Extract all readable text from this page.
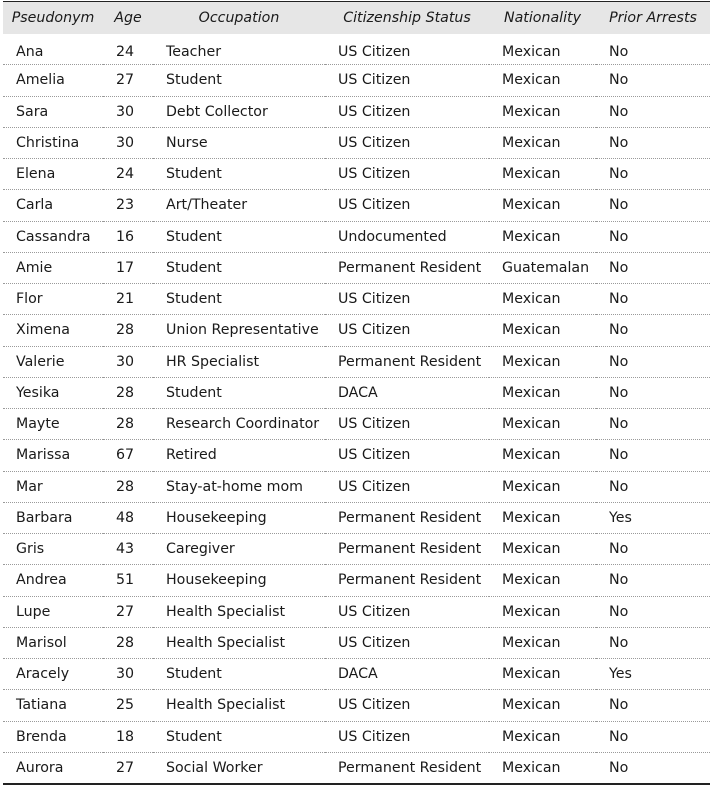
Pseudonym	Age	Occupation	Citizenship Status	Nationality	Prior Arrests
Ana	24	Teacher	US Citizen	Mexican	No
Amelia	27	Student	US Citizen	Mexican	No
Sara	30	Debt Collector	US Citizen	Mexican	No
Christina	30	Nurse	US Citizen	Mexican	No
Elena	24	Student	US Citizen	Mexican	No
Carla	23	Art/Theater	US Citizen	Mexican	No
Cassandra	16	Student	Undocumented	Mexican	No
Amie	17	Student	Permanent Resident	Guatemalan	No
Flor	21	Student	US Citizen	Mexican	No
Ximena	28	Union Representative	US Citizen	Mexican	No
Valerie	30	HR Specialist	Permanent Resident	Mexican	No
Yesika	28	Student	DACA	Mexican	No
Mayte	28	Research Coordinator	US Citizen	Mexican	No
Marissa	67	Retired	US Citizen	Mexican	No
Mar	28	Stay-at-home mom	US Citizen	Mexican	No
Barbara	48	Housekeeping	Permanent Resident	Mexican	Yes
Gris	43	Caregiver	Permanent Resident	Mexican	No
Andrea	51	Housekeeping	Permanent Resident	Mexican	No
Lupe	27	Health Specialist	US Citizen	Mexican	No
Marisol	28	Health Specialist	US Citizen	Mexican	No
Aracely	30	Student	DACA	Mexican	Yes
Tatiana	25	Health Specialist	US Citizen	Mexican	No
Brenda	18	Student	US Citizen	Mexican	No
Aurora	27	Social Worker	Permanent Resident	Mexican	No
